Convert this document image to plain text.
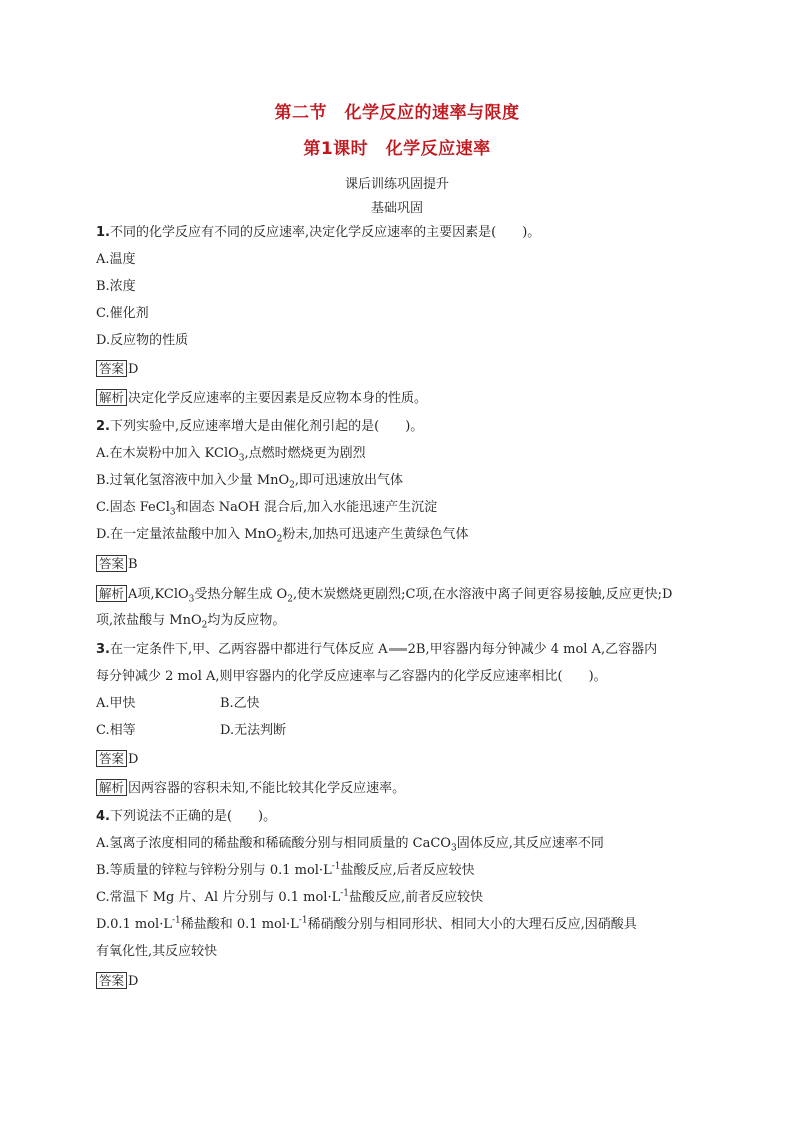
第二节　化学反应的速率与限度
第1课时　化学反应速率
课后训练巩固提升
基础巩固
1.不同的化学反应有不同的反应速率,决定化学反应速率的主要因素是(　　)。
A.温度
B.浓度
C.催化剂
D.反应物的性质
答案 D
解析 决定化学反应速率的主要因素是反应物本身的性质。
2.下列实验中,反应速率增大是由催化剂引起的是(　　)。
A.在木炭粉中加入 KClO$_3$,点燃时燃烧更为剧烈
B.过氧化氢溶液中加入少量 MnO$_2$,即可迅速放出气体
C.固态 FeCl$_3$和固态 NaOH 混合后,加入水能迅速产生沉淀
D.在一定量浓盐酸中加入 MnO$_2$粉末,加热可迅速产生黄绿色气体
答案 B
解析 A项,KClO$_3$受热分解生成 $O_2$,使木炭燃烧更剧烈;C项,在水溶液中离子间更容易接触,反应更快;D
项,浓盐酸与 MnO$_2$均为反应物。
3.在一定条件下,甲、乙两容器中都进行气体反应 A 2B,甲容器内每分钟减少 4 mol A,乙容器内
每分钟减少 2 mol A,则甲容器内的化学反应速率与乙容器内的化学反应速率相比(　　)。
A.甲快	B.乙快
C.相等	D.无法判断
答案 D
解析 因两容器的容积未知,不能比较其化学反应速率。
4.下列说法不正确的是(　　)。
A.氢离子浓度相同的稀盐酸和稀硫酸分别与相同质量的 CaCO$_3$固体反应,其反应速率不同
B.等质量的锌粒与锌粉分别与 0.1 $mol\cdot L^{-1}$盐酸反应,后者反应较快
C.常温下 Mg 片、Al 片分别与 0.1 $mol\cdot L^{-1}$盐酸反应,前者反应较快
D.0.1 $mol\cdot L^{-1}$稀盐酸和 0.1 $mol\cdot L^{-1}$稀硝酸分别与相同形状、相同大小的大理石反应,因硝酸具
有氧化性,其反应较快
答案 D
